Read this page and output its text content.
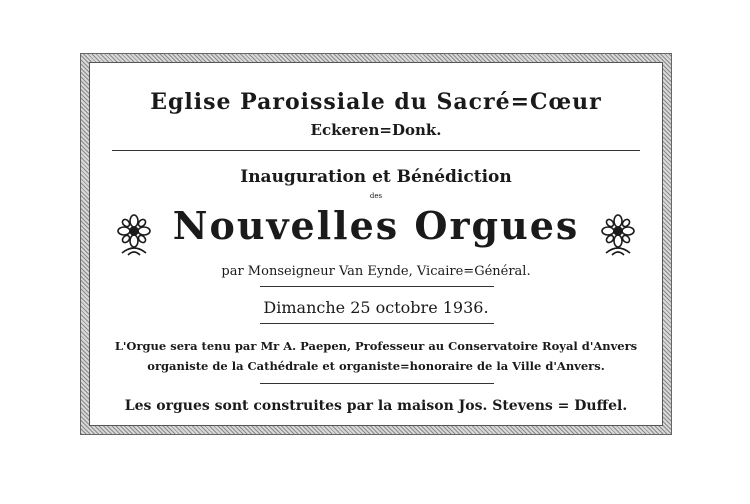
Eglise Paroissiale du Sacré=Cœur
Eckeren=Donk.
Inauguration et Bénédiction
des
Nouvelles Orgues
par Monseigneur Van Eynde, Vicaire=Général.
Dimanche 25 octobre 1936.
L'Orgue sera tenu par Mr A. Paepen, Professeur au Conservatoire Royal d'Anvers
organiste de la Cathédrale et organiste=honoraire de la Ville d'Anvers.
Les orgues sont construites par la maison Jos. Stevens = Duffel.
